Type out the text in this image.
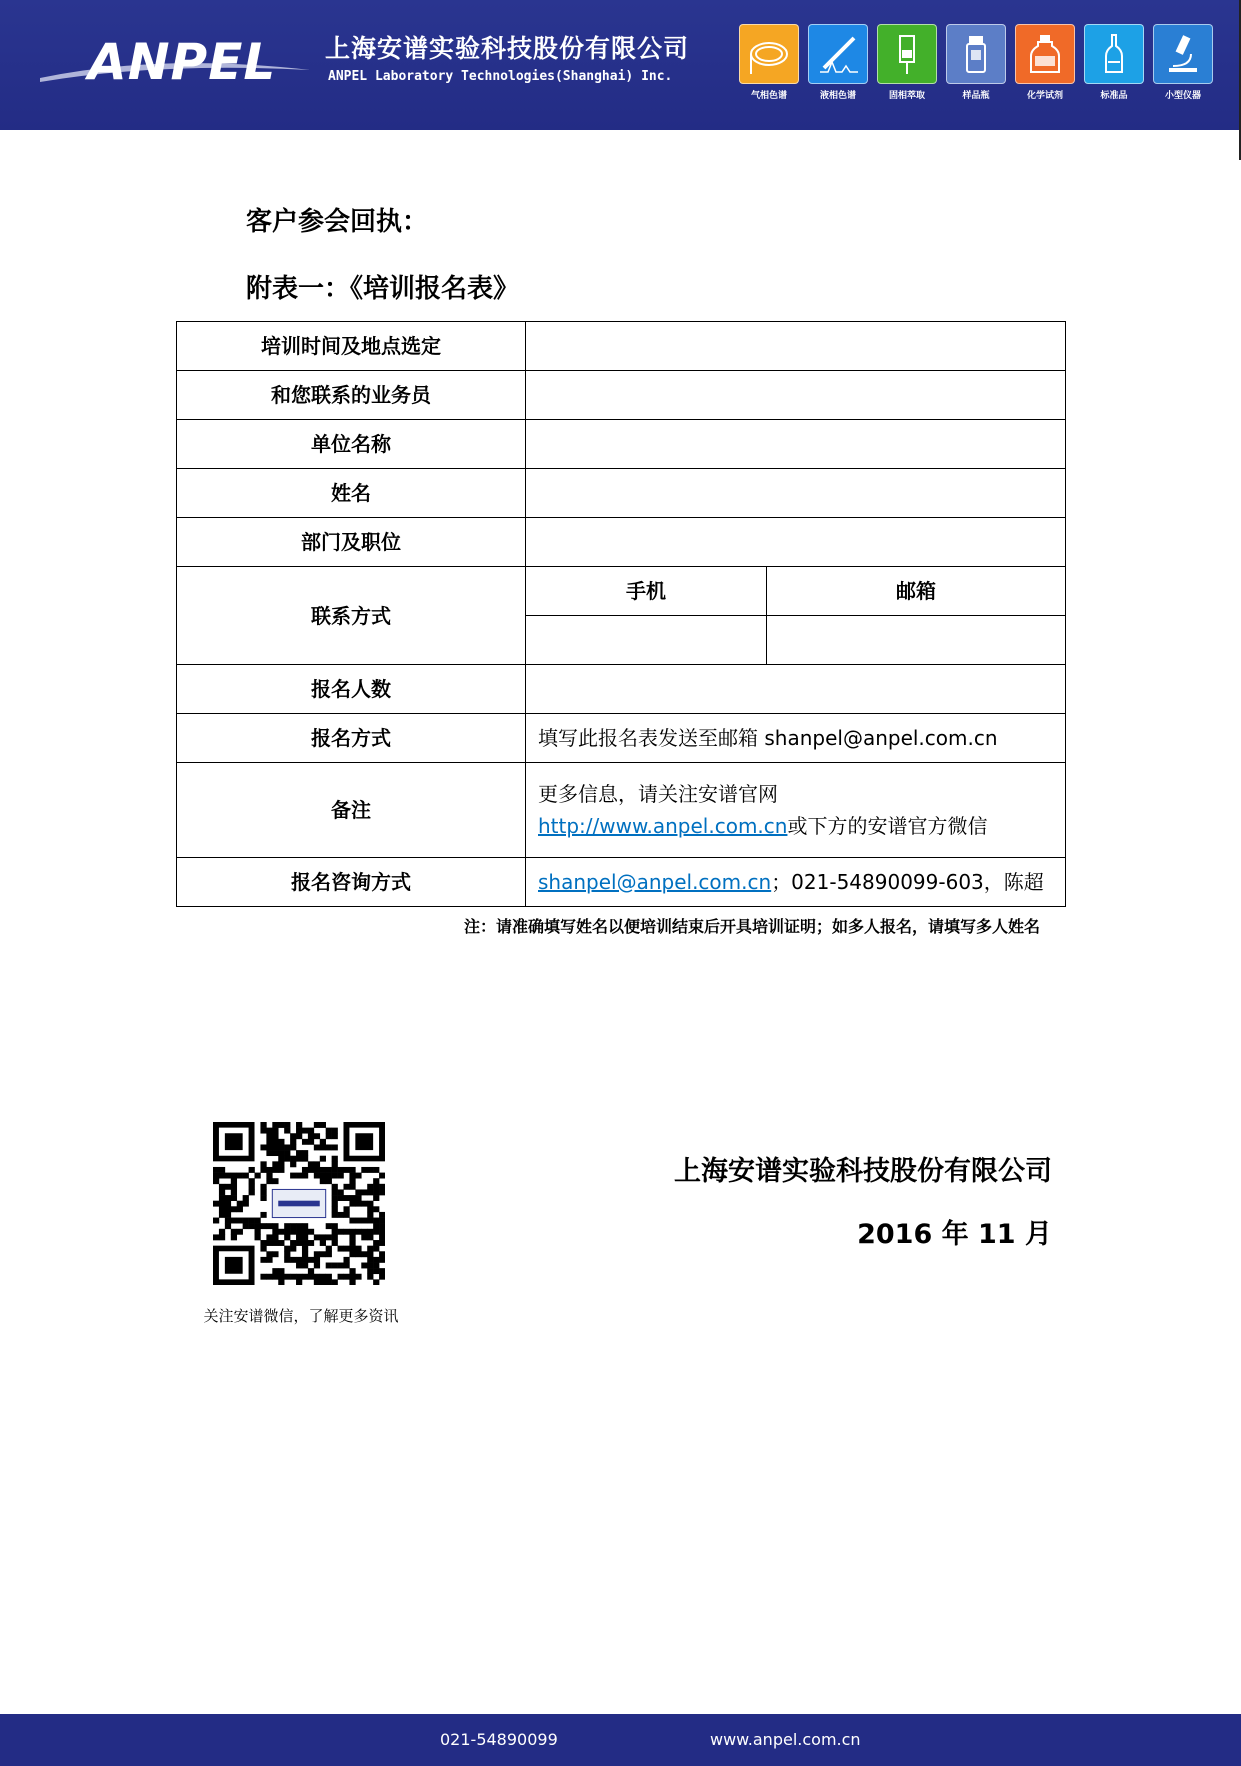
ANPEL 上海安谱实验科技股份有限公司
ANPEL Laboratory Technologies(Shanghai) Inc.
气相色谱	液相色谱	固相萃取	样品瓶	化学试剂	标准品	小型仪器
客户参会回执：
附表一：《培训报名表》
培训时间及地点选定		
和您联系的业务员		
单位名称		
姓名		
部门及职位		
联系方式	手机	邮箱

报名人数		
报名方式	填写此报名表发送至邮箱 shanpel@anpel.com.cn	
备注	更多信息，请关注安谱官网
http://www.anpel.com.cn或下方的安谱官方微信	

报名咨询方式	shanpel@anpel.com.cn；021-54890099-603，陈超	
注：请准确填写姓名以便培训结束后开具培训证明；如多人报名，请填写多人姓名
关注安谱微信，了解更多资讯
上海安谱实验科技股份有限公司
2016 年 11 月
021-54890099	www.anpel.com.cn
